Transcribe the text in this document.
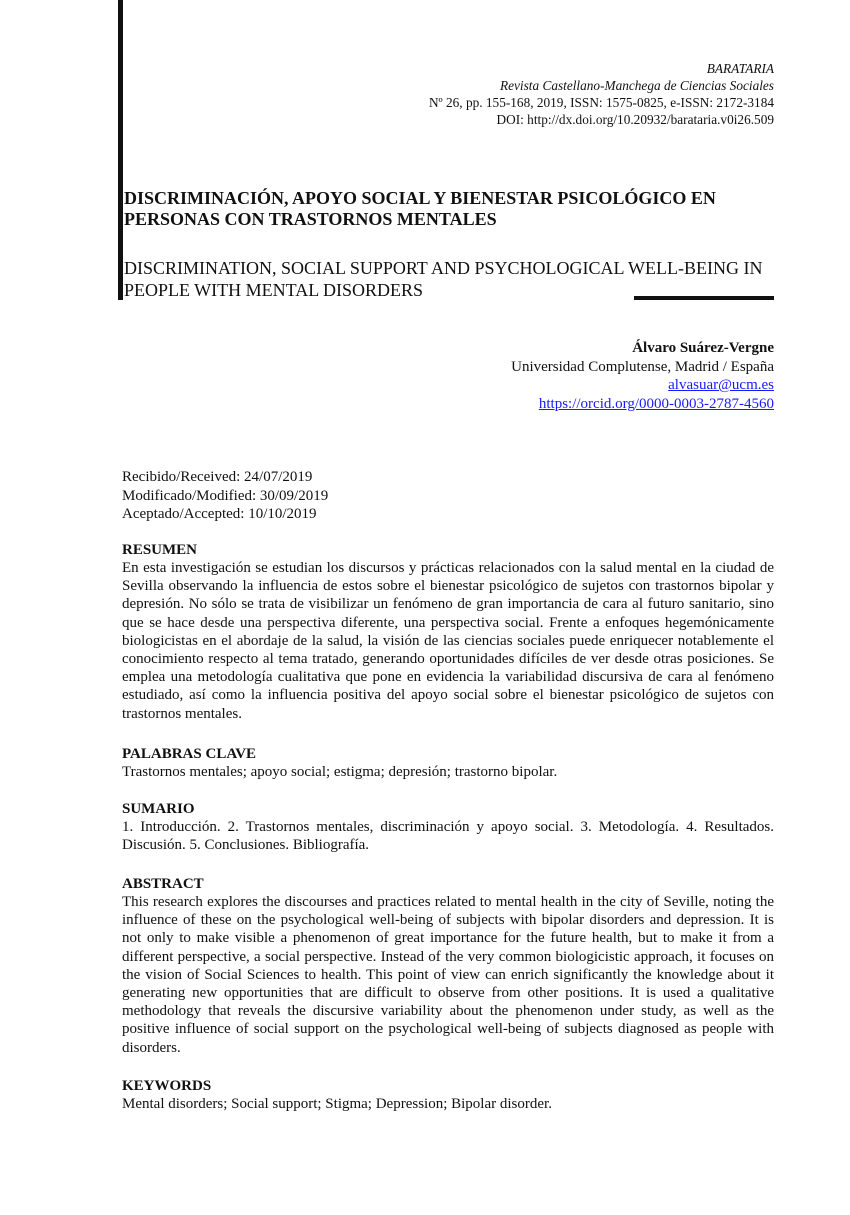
BARATARIA
Revista Castellano-Manchega de Ciencias Sociales
Nº 26, pp. 155-168, 2019, ISSN: 1575-0825, e-ISSN: 2172-3184
DOI: http://dx.doi.org/10.20932/barataria.v0i26.509
DISCRIMINACIÓN, APOYO SOCIAL Y BIENESTAR PSICOLÓGICO EN PERSONAS CON TRASTORNOS MENTALES
DISCRIMINATION, SOCIAL SUPPORT AND PSYCHOLOGICAL WELL-BEING IN PEOPLE WITH MENTAL DISORDERS
Álvaro Suárez-Vergne
Universidad Complutense, Madrid / España
alvasuar@ucm.es
https://orcid.org/0000-0003-2787-4560
Recibido/Received: 24/07/2019
Modificado/Modified: 30/09/2019
Aceptado/Accepted: 10/10/2019
RESUMEN

En esta investigación se estudian los discursos y prácticas relacionados con la salud mental en la ciudad de Sevilla observando la influencia de estos sobre el bienestar psicológico de sujetos con trastornos bipolar y depresión. No sólo se trata de visibilizar un fenómeno de gran importancia de cara al futuro sanitario, sino que se hace desde una perspectiva diferente, una perspectiva social. Frente a enfoques hegemónicamente biologicistas en el abordaje de la salud, la visión de las ciencias sociales puede enriquecer notablemente el conocimiento respecto al tema tratado, generando oportunidades difíciles de ver desde otras posiciones. Se emplea una metodología cualitativa que pone en evidencia la variabilidad discursiva de cara al fenómeno estudiado, así como la influencia positiva del apoyo social sobre el bienestar psicológico de sujetos con trastornos mentales.

PALABRAS CLAVE

Trastornos mentales; apoyo social; estigma; depresión; trastorno bipolar.

SUMARIO

1. Introducción. 2. Trastornos mentales, discriminación y apoyo social. 3. Metodología. 4. Resultados. Discusión. 5. Conclusiones. Bibliografía.

ABSTRACT

This research explores the discourses and practices related to mental health in the city of Seville, noting the influence of these on the psychological well-being of subjects with bipolar disorders and depression. It is not only to make visible a phenomenon of great importance for the future health, but to make it from a different perspective, a social perspective. Instead of the very common biologicistic approach, it focuses on the vision of Social Sciences to health. This point of view can enrich significantly the knowledge about it generating new opportunities that are difficult to observe from other positions. It is used a qualitative methodology that reveals the discursive variability about the phenomenon under study, as well as the positive influence of social support on the psychological well-being of subjects diagnosed as people with disorders.

KEYWORDS

Mental disorders; Social support; Stigma; Depression; Bipolar disorder.
